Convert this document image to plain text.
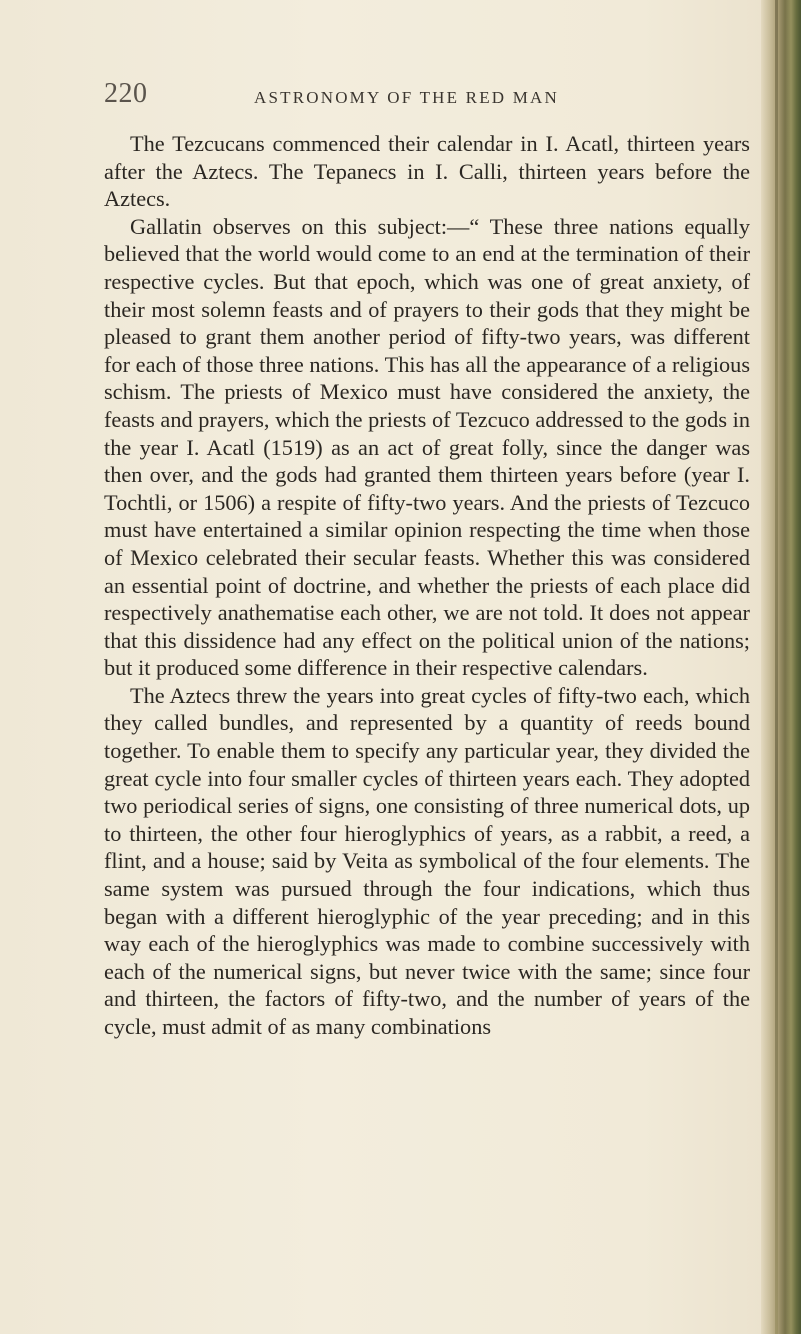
220	ASTRONOMY OF THE RED MAN

The Tezcucans commenced their calendar in I. Acatl, thirteen years after the Aztecs. The Tepanecs in I. Calli, thirteen years before the Aztecs.

Gallatin observes on this subject:—“ These three nations equally believed that the world would come to an end at the termination of their respective cycles. But that epoch, which was one of great anxiety, of their most solemn feasts and of prayers to their gods that they might be pleased to grant them another period of fifty-two years, was different for each of those three nations. This has all the appearance of a religious schism. The priests of Mexico must have considered the anxiety, the feasts and prayers, which the priests of Tezcuco addressed to the gods in the year I. Acatl (1519) as an act of great folly, since the danger was then over, and the gods had granted them thirteen years before (year I. Tochtli, or 1506) a respite of fifty-two years. And the priests of Tezcuco must have entertained a similar opinion respecting the time when those of Mexico celebrated their secular feasts. Whether this was considered an essential point of doctrine, and whether the priests of each place did respectively anathematise each other, we are not told. It does not appear that this dissidence had any effect on the political union of the nations; but it produced some difference in their respective calendars.

The Aztecs threw the years into great cycles of fifty-two each, which they called bundles, and represented by a quantity of reeds bound together. To enable them to specify any particular year, they divided the great cycle into four smaller cycles of thirteen years each. They adopted two periodical series of signs, one consisting of three numerical dots, up to thirteen, the other four hieroglyphics of years, as a rabbit, a reed, a flint, and a house; said by Veita as symbolical of the four elements. The same system was pursued through the four indications, which thus began with a different hieroglyphic of the year preceding; and in this way each of the hieroglyphics was made to combine successively with each of the numerical signs, but never twice with the same; since four and thirteen, the factors of fifty-two, and the number of years of the cycle, must admit of as many combinations
